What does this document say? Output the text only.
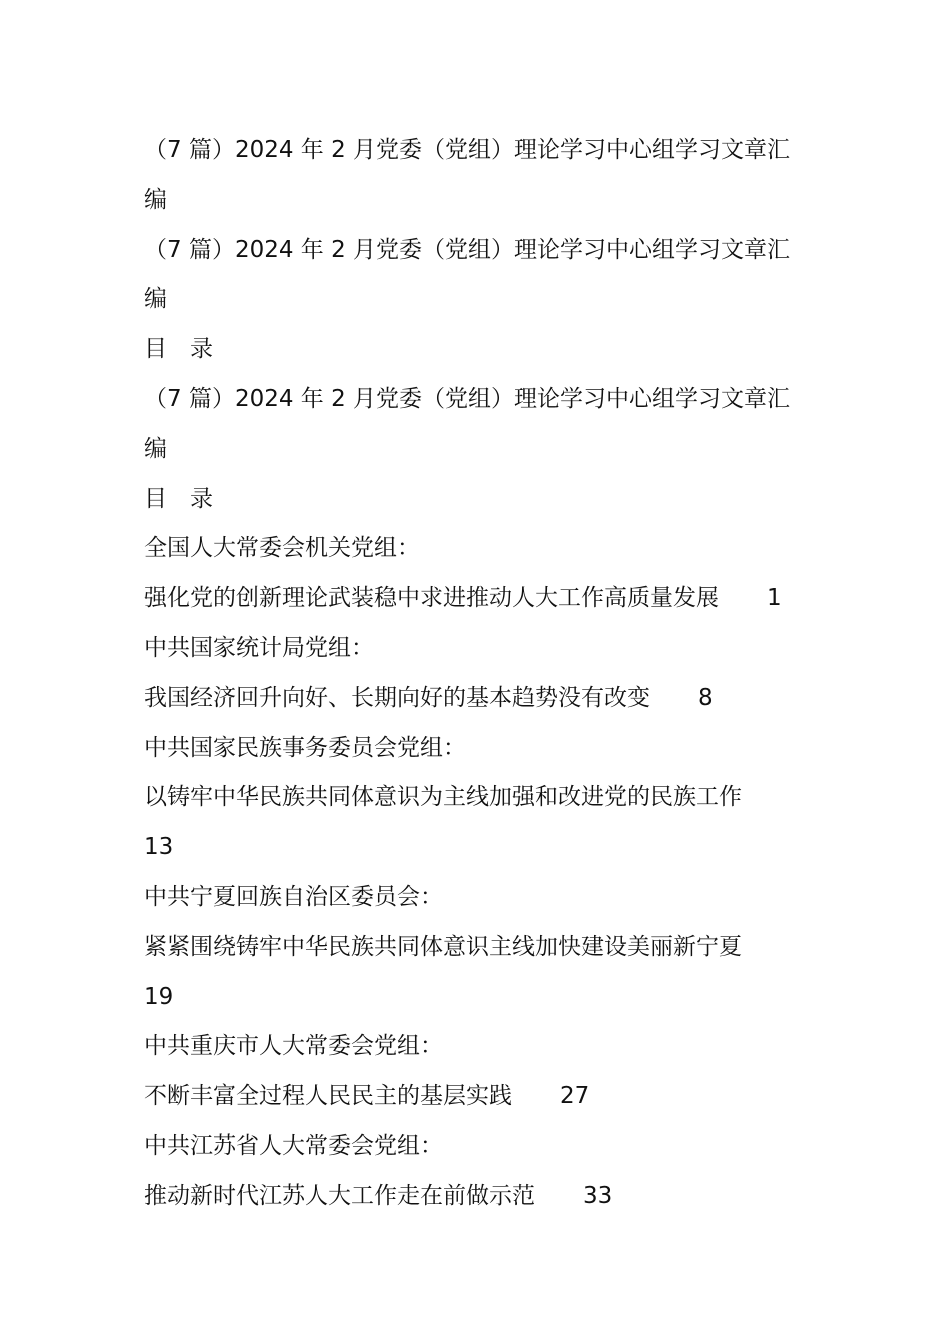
（7 篇）2024 年 2 月党委（党组）理论学习中心组学习文章汇
编
（7 篇）2024 年 2 月党委（党组）理论学习中心组学习文章汇
编
目 录
（7 篇）2024 年 2 月党委（党组）理论学习中心组学习文章汇
编
目 录
全国人大常委会机关党组：
强化党的创新理论武装稳中求进推动人大工作高质量发展 1
中共国家统计局党组：
我国经济回升向好、长期向好的基本趋势没有改变 8
中共国家民族事务委员会党组：
以铸牢中华民族共同体意识为主线加强和改进党的民族工作
13
中共宁夏回族自治区委员会：
紧紧围绕铸牢中华民族共同体意识主线加快建设美丽新宁夏
19
中共重庆市人大常委会党组：
不断丰富全过程人民民主的基层实践 27
中共江苏省人大常委会党组：
推动新时代江苏人大工作走在前做示范 33
